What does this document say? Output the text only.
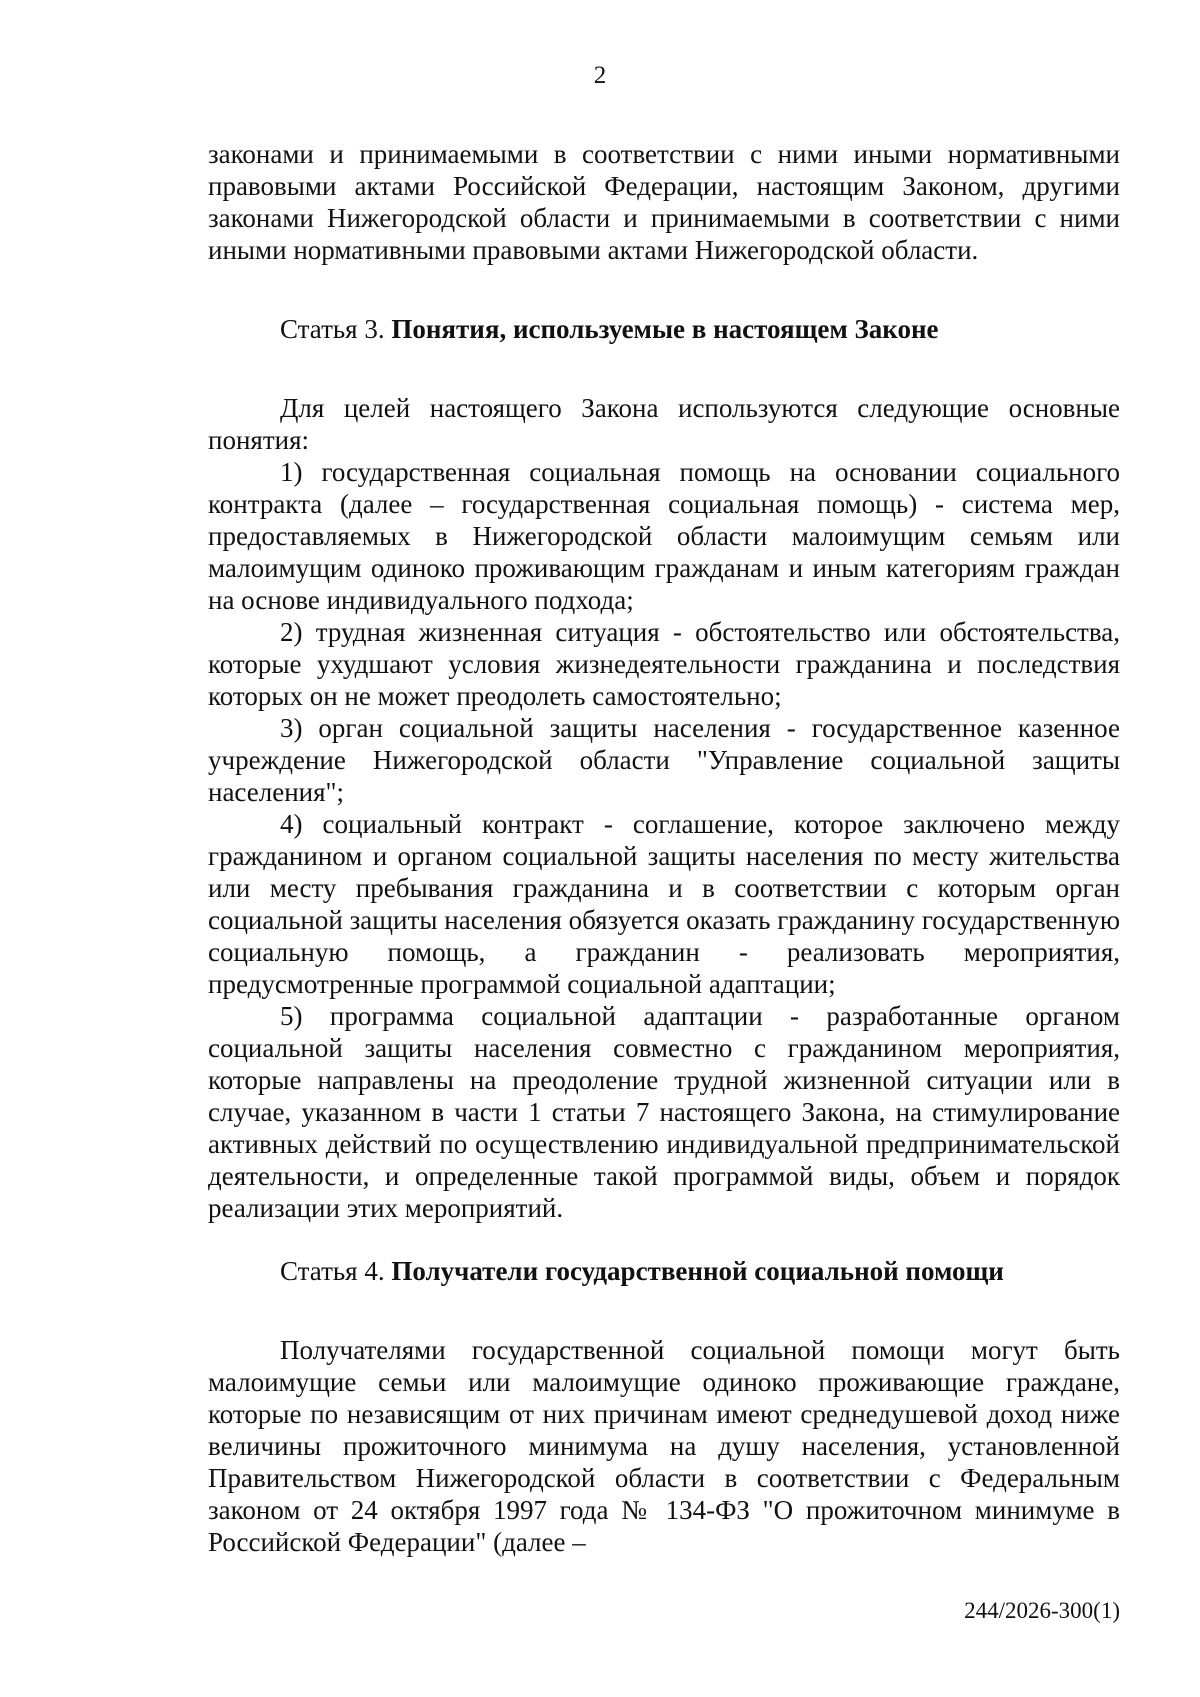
2

законами и принимаемыми в соответствии с ними иными нормативными правовыми актами Российской Федерации, настоящим Законом, другими законами Нижегородской области и принимаемыми в соответствии с ними иными нормативными правовыми актами Нижегородской области.

Статья 3. Понятия, используемые в настоящем Законе

Для целей настоящего Закона используются следующие основные понятия:

1) государственная социальная помощь на основании социального контракта (далее – государственная социальная помощь) - система мер, предоставляемых в Нижегородской области малоимущим семьям или малоимущим одиноко проживающим гражданам и иным категориям граждан на основе индивидуального подхода;

2) трудная жизненная ситуация - обстоятельство или обстоятельства, которые ухудшают условия жизнедеятельности гражданина и последствия которых он не может преодолеть самостоятельно;

3) орган социальной защиты населения - государственное казенное учреждение Нижегородской области "Управление социальной защиты населения";

4) социальный контракт - соглашение, которое заключено между гражданином и органом социальной защиты населения по месту жительства или месту пребывания гражданина и в соответствии с которым орган социальной защиты населения обязуется оказать гражданину государственную социальную помощь, а гражданин - реализовать мероприятия, предусмотренные программой социальной адаптации;

5) программа социальной адаптации - разработанные органом социальной защиты населения совместно с гражданином мероприятия, которые направлены на преодоление трудной жизненной ситуации или в случае, указанном в части 1 статьи 7 настоящего Закона, на стимулирование активных действий по осуществлению индивидуальной предпринимательской деятельности, и определенные такой программой виды, объем и порядок реализации этих мероприятий.

Статья 4. Получатели государственной социальной помощи

Получателями государственной социальной помощи могут быть малоимущие семьи или малоимущие одиноко проживающие граждане, которые по независящим от них причинам имеют среднедушевой доход ниже величины прожиточного минимума на душу населения, установленной Правительством Нижегородской области в соответствии с Федеральным законом от 24 октября 1997 года № 134-ФЗ "О прожиточном минимуме в Российской Федерации" (далее –

244/2026-300(1)
